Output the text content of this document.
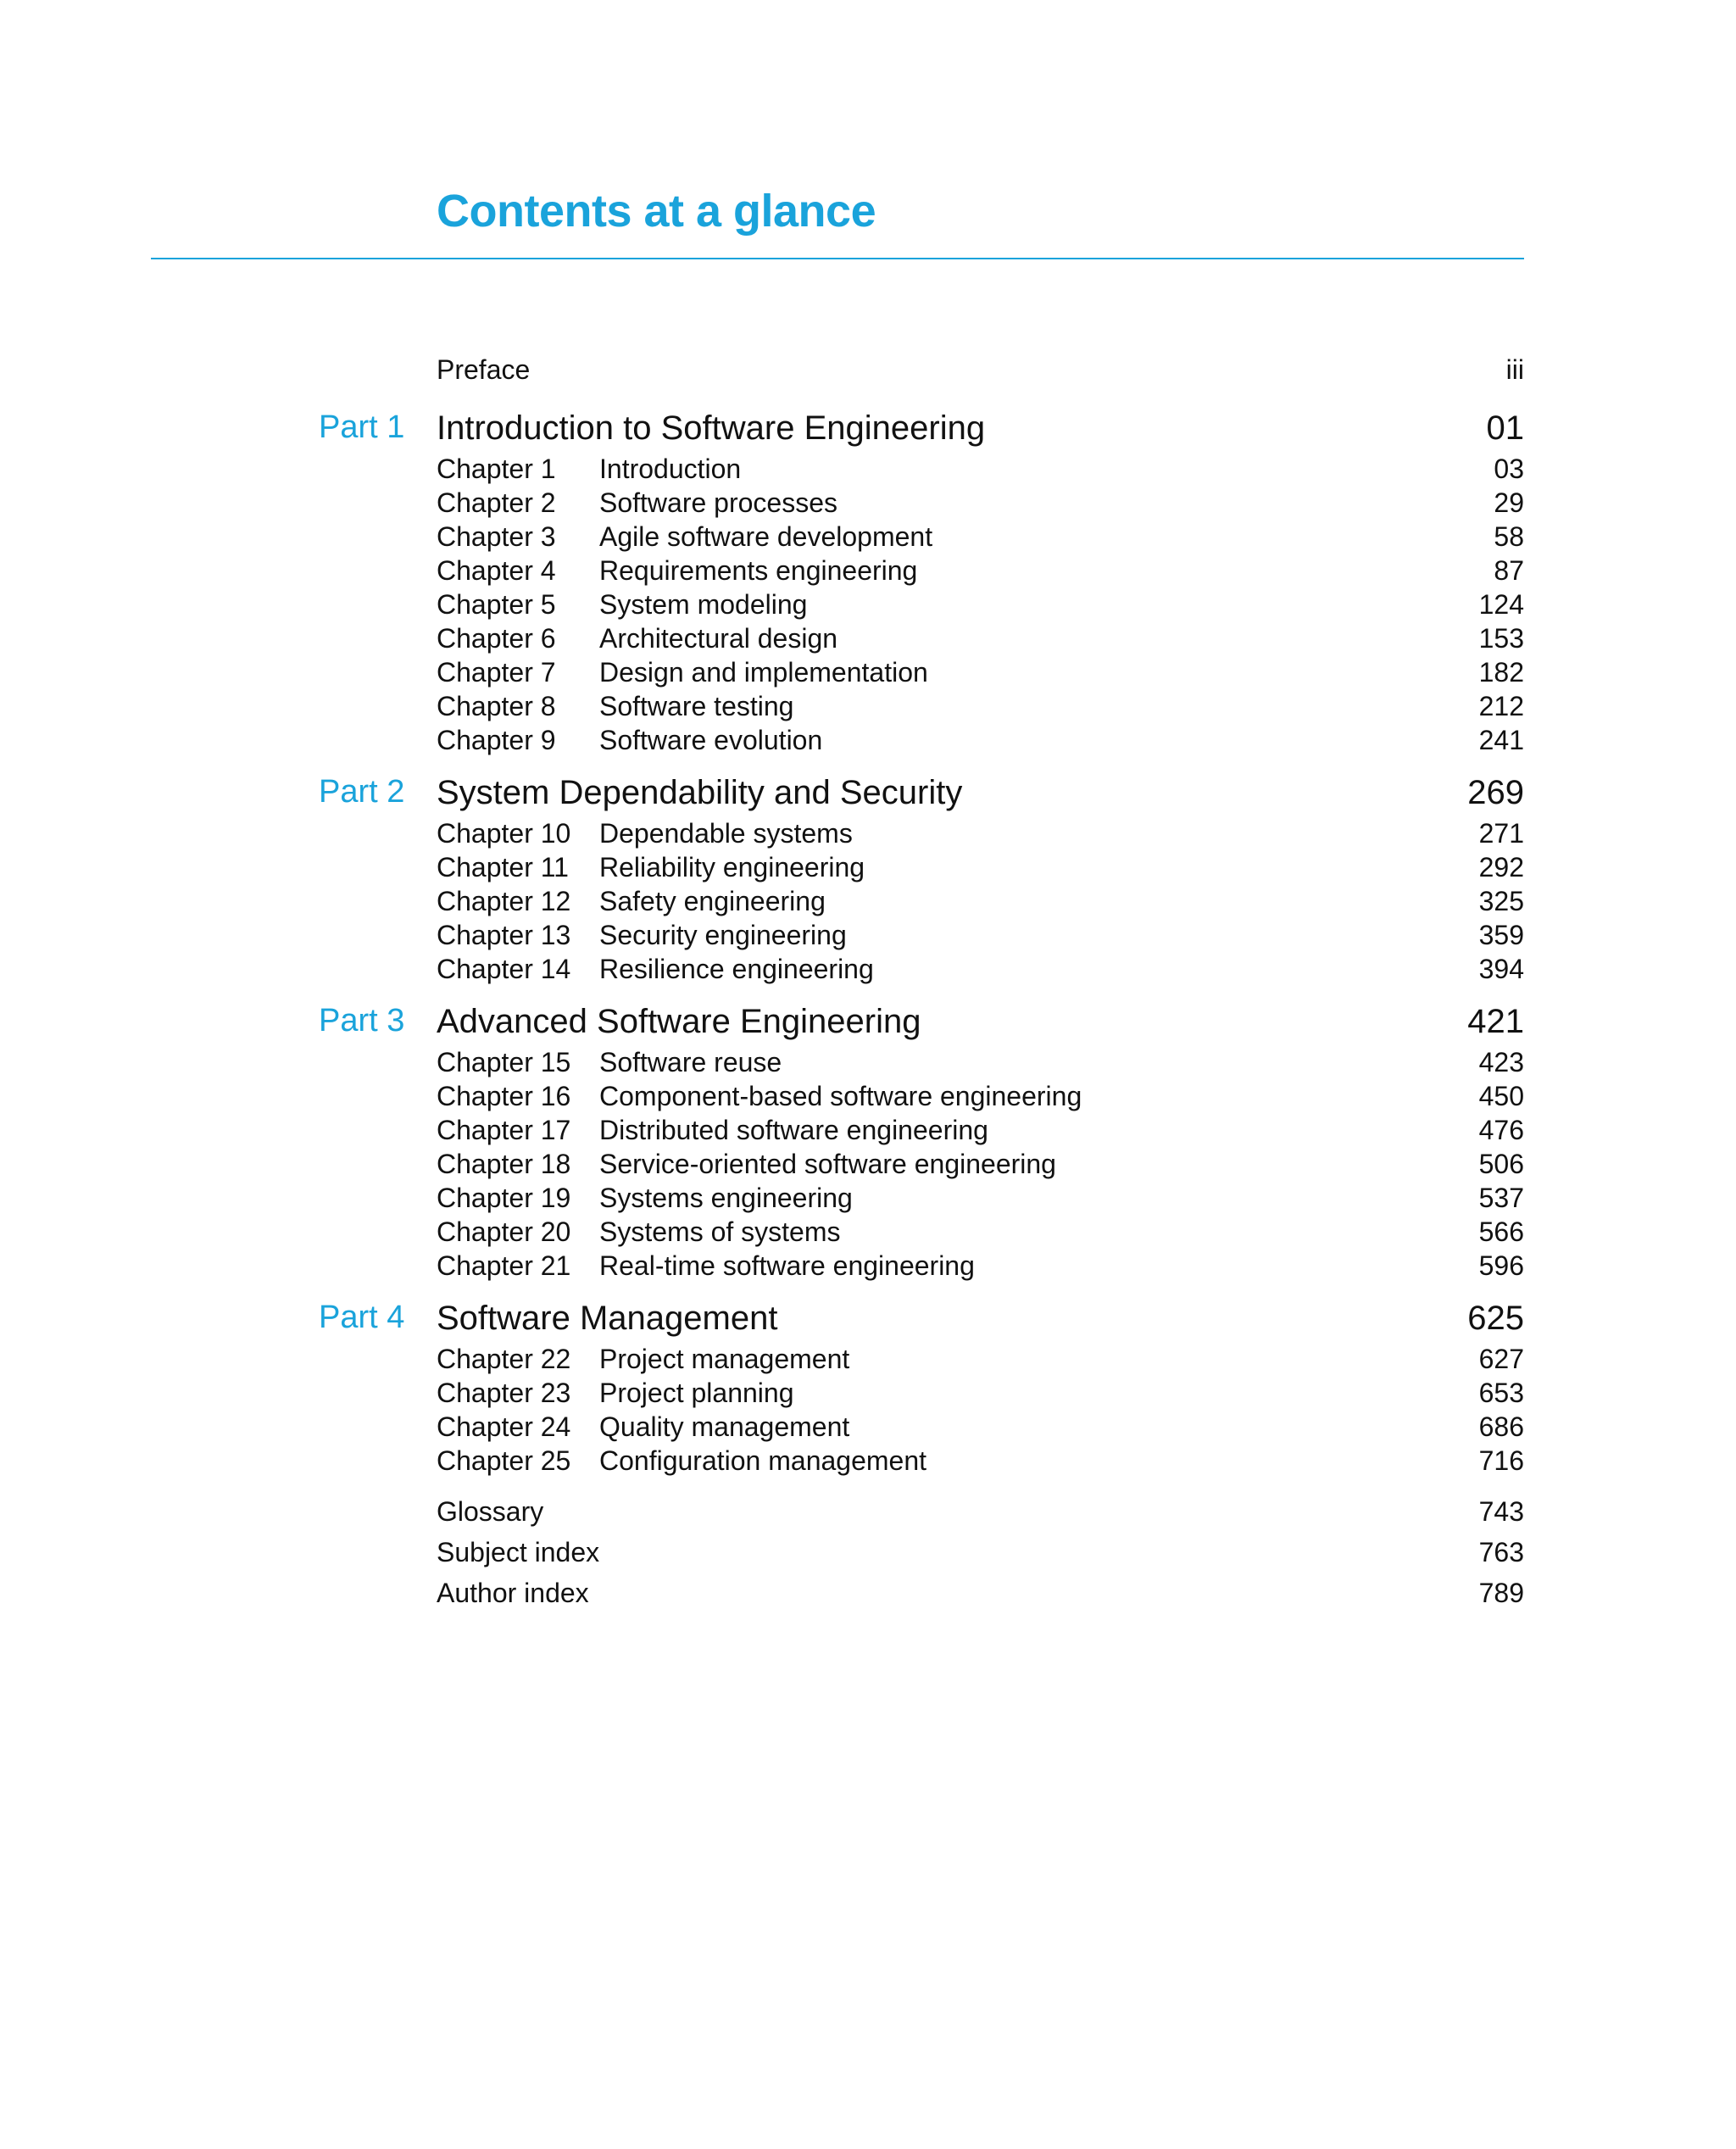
Contents at a glance
Preface	iii
Part 1 Introduction to Software Engineering	01
Chapter 1 Introduction	03
Chapter 2 Software processes	29
Chapter 3 Agile software development	58
Chapter 4 Requirements engineering	87
Chapter 5 System modeling	124
Chapter 6 Architectural design	153
Chapter 7 Design and implementation	182
Chapter 8 Software testing	212
Chapter 9 Software evolution	241
Part 2 System Dependability and Security	269
Chapter 10 Dependable systems	271
Chapter 11 Reliability engineering	292
Chapter 12 Safety engineering	325
Chapter 13 Security engineering	359
Chapter 14 Resilience engineering	394
Part 3 Advanced Software Engineering	421
Chapter 15 Software reuse	423
Chapter 16 Component-based software engineering	450
Chapter 17 Distributed software engineering	476
Chapter 18 Service-oriented software engineering	506
Chapter 19 Systems engineering	537
Chapter 20 Systems of systems	566
Chapter 21 Real-time software engineering	596
Part 4 Software Management	625
Chapter 22 Project management	627
Chapter 23 Project planning	653
Chapter 24 Quality management	686
Chapter 25 Configuration management	716
Glossary	743
Subject index	763
Author index	789
